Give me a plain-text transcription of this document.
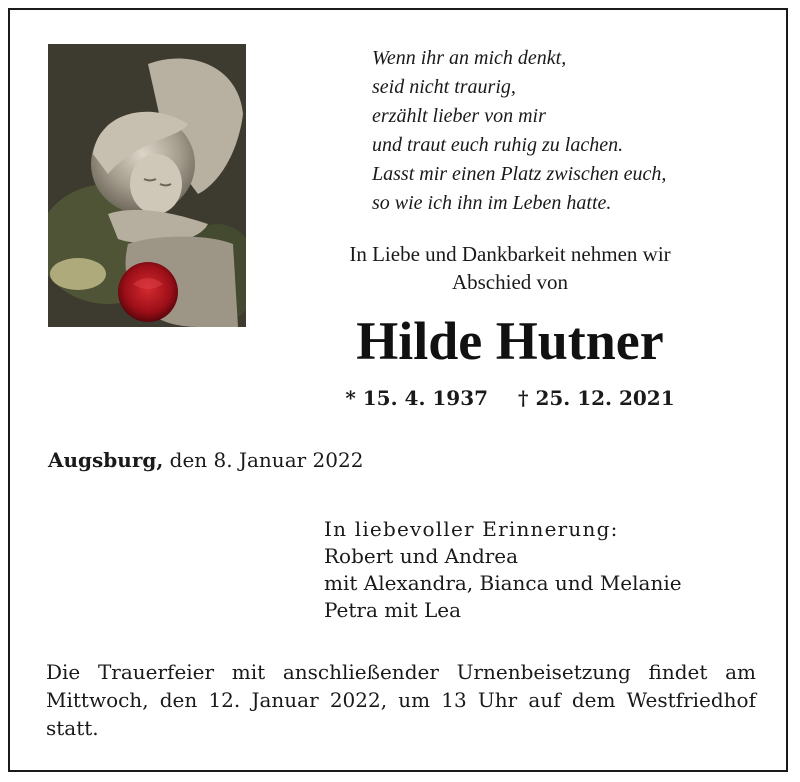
Wenn ihr an mich denkt,
seid nicht traurig,
erzählt lieber von mir
und traut euch ruhig zu lachen.
Lasst mir einen Platz zwischen euch,
so wie ich ihn im Leben hatte.
In Liebe und Dankbarkeit nehmen wir
Abschied von
Hilde Hutner
* 15. 4. 1937 † 25. 12. 2021
Augsburg, den 8. Januar 2022
In liebevoller Erinnerung:
Robert und Andrea
mit Alexandra, Bianca und Melanie
Petra mit Lea
Die Trauerfeier mit anschließender Urnenbeisetzung findet am Mittwoch, den 12. Januar 2022, um 13 Uhr auf dem Westfriedhof statt.
